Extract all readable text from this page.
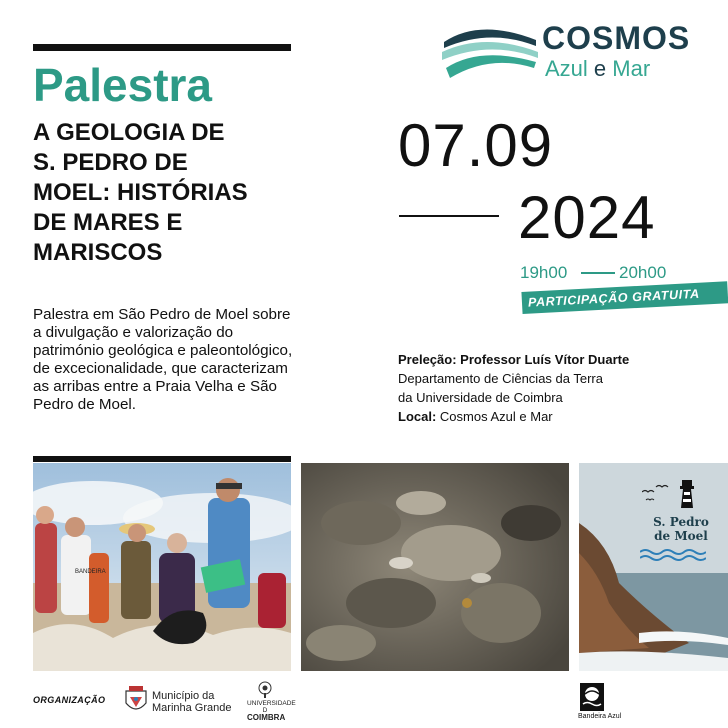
Palestra
A GEOLOGIA DE
S. PEDRO DE
MOEL: HISTÓRIAS
DE MARES E
MARISCOS
Palestra em São Pedro de Moel sobre a divulgação e valorização do património geológica e paleontológico, de excecionalidade, que caracterizam as arribas entre a Praia Velha e São Pedro de Moel.
COSMOS
Azul e Mar
07.09
2024
19h00	20h00
PARTICIPAÇÃO GRATUITA
Preleção: Professor Luís Vítor Duarte
Departamento de Ciências da Terra
da Universidade de Coimbra
Local: Cosmos Azul e Mar
BANDEIRA
S. Pedro
de Moel
ORGANIZAÇÃO	Município da
Marinha Grande UNIVERSIDADE D
COIMBRA	Bandeira Azul
